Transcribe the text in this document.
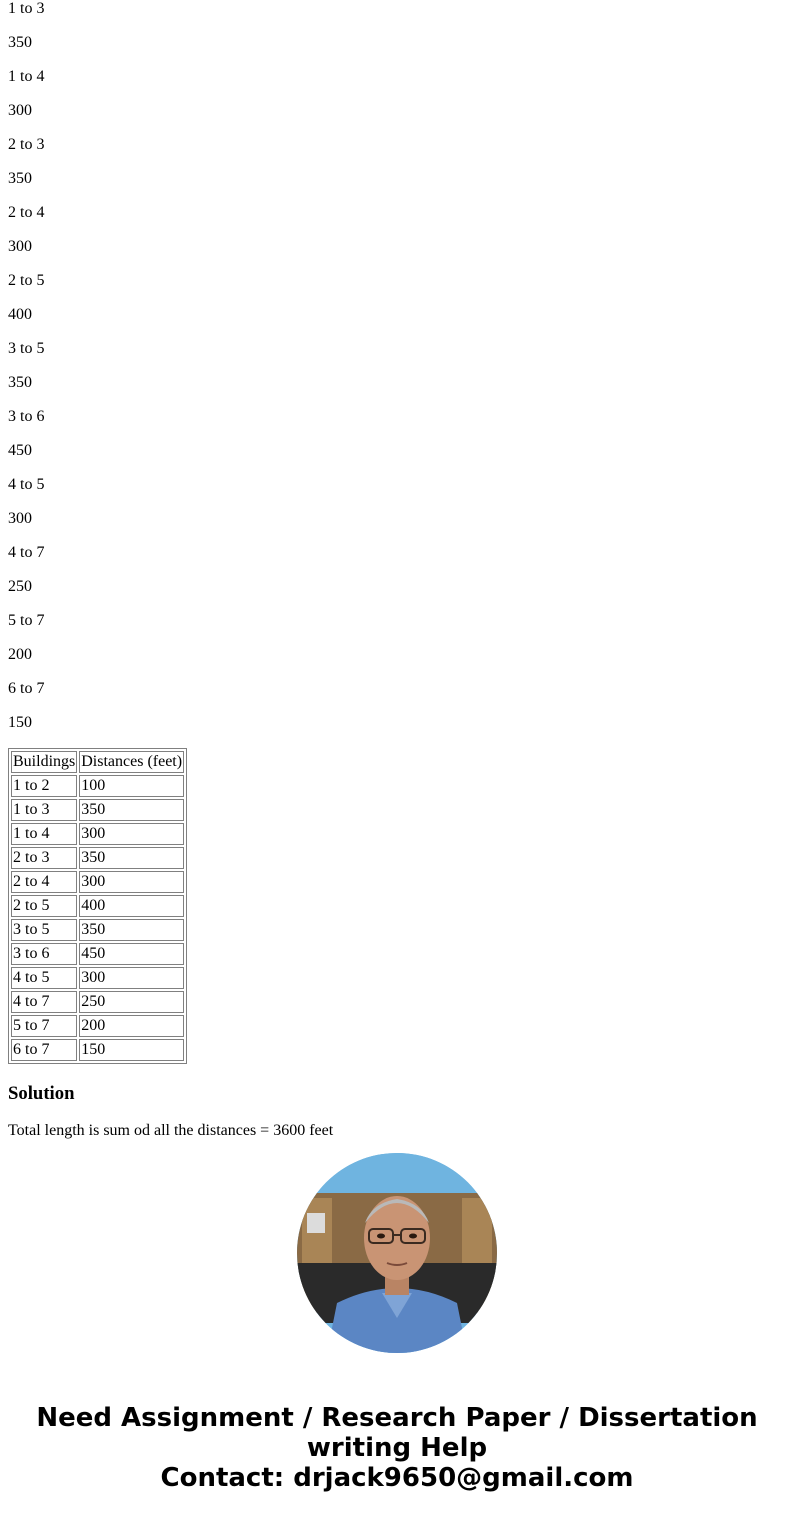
1 to 3

350

1 to 4

300

2 to 3

350

2 to 4

300

2 to 5

400

3 to 5

350

3 to 6

450

4 to 5

300

4 to 7

250

5 to 7

200

6 to 7

150

Buildings	Distances (feet)
1 to 2	100
1 to 3	350
1 to 4	300
2 to 3	350
2 to 4	300
2 to 5	400
3 to 5	350
3 to 6	450
4 to 5	300
4 to 7	250
5 to 7	200
6 to 7	150
Solution

Total length is sum od all the distances = 3600 feet

Need Assignment / Research Paper / Dissertation writing Help
Contact: drjack9650@gmail.com
